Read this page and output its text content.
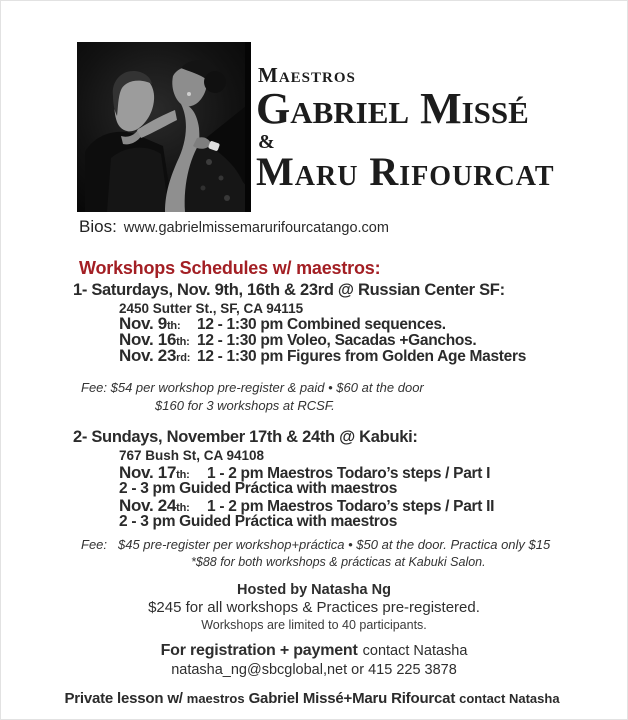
Maestros
Gabriel Missé
&
Maru Rifourcat
Bios: www.gabrielmissemarurifourcatango.com
Workshops Schedules w/ maestros:
1- Saturdays, Nov. 9th, 16th & 23rd @ Russian Center SF:
2450 Sutter St., SF, CA 94115
Nov. 9th: 12 - 1:30 pm Combined sequences.
Nov. 16th: 12 - 1:30 pm Voleo, Sacadas +Ganchos.
Nov. 23rd: 12 - 1:30 pm Figures from Golden Age Masters
Fee: $54 per workshop pre-register & paid • $60 at the door
$160 for 3 workshops at RCSF.
2- Sundays, November 17th & 24th @ Kabuki:
767 Bush St, CA 94108
Nov. 17th: 1 - 2 pm Maestros Todaro’s steps / Part I
2 - 3 pm Guided Práctica with maestros
Nov. 24th: 1 - 2 pm Maestros Todaro’s steps / Part II
2 - 3 pm Guided Práctica with maestros
Fee: $45 pre-register per workshop+práctica • $50 at the door. Practica only $15
*$88 for both workshops & prácticas at Kabuki Salon.
Hosted by Natasha Ng
$245 for all workshops & Practices pre-registered.
Workshops are limited to 40 participants.
For registration + payment contact Natasha
natasha_ng@sbcglobal,net or 415 225 3878
Private lesson w/ maestros Gabriel Missé+Maru Rifourcat contact Natasha
